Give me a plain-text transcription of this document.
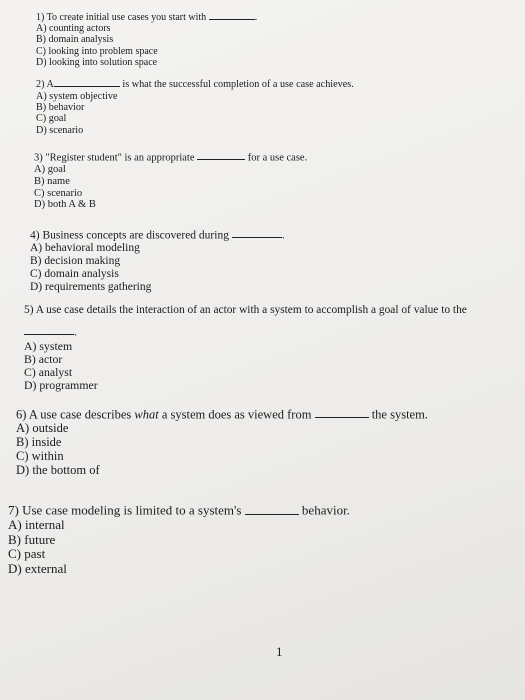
1) To create initial use cases you start with	.
A) counting actors
B) domain analysis
C) looking into problem space
D) looking into solution space
2) A	is what the successful completion of a use case achieves.
A) system objective
B) behavior
C) goal
D) scenario
3) "Register student" is an appropriate	for a use case.
A) goal
B) name
C) scenario
D) both A & B
4) Business concepts are discovered during	.
A) behavioral modeling
B) decision making
C) domain analysis
D) requirements gathering
5) A use case details the interaction of an actor with a system to accomplish a goal of value to the
.
A) system
B) actor
C) analyst
D) programmer
6) A use case describes what a system does as viewed from	the system.
A) outside
B) inside
C) within
D) the bottom of
7) Use case modeling is limited to a system's	behavior.
A) internal
B) future
C) past
D) external
1
